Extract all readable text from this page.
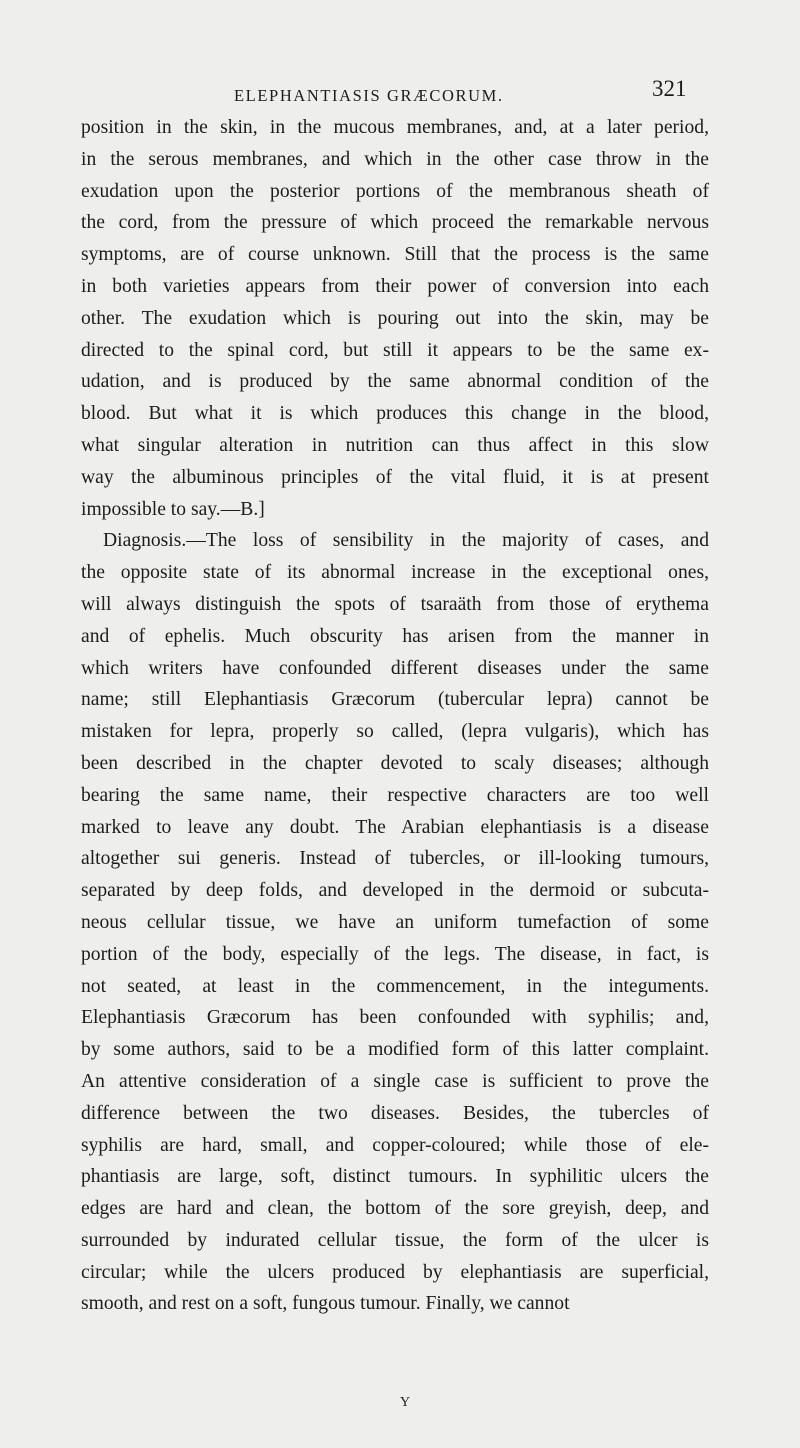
ELEPHANTIASIS GRÆCORUM.	321
position in the skin, in the mucous membranes, and, at a later period,
in the serous membranes, and which in the other case throw in the
exudation upon the posterior portions of the membranous sheath of
the cord, from the pressure of which proceed the remarkable nervous
symptoms, are of course unknown. Still that the process is the same
in both varieties appears from their power of conversion into each
other. The exudation which is pouring out into the skin, may be
directed to the spinal cord, but still it appears to be the same ex-
udation, and is produced by the same abnormal condition of the
blood. But what it is which produces this change in the blood,
what singular alteration in nutrition can thus affect in this slow
way the albuminous principles of the vital fluid, it is at present
impossible to say.—B.]
Diagnosis.—The loss of sensibility in the majority of cases, and
the opposite state of its abnormal increase in the exceptional ones,
will always distinguish the spots of tsaraäth from those of erythema
and of ephelis. Much obscurity has arisen from the manner in
which writers have confounded different diseases under the same
name; still Elephantiasis Græcorum (tubercular lepra) cannot be
mistaken for lepra, properly so called, (lepra vulgaris), which has
been described in the chapter devoted to scaly diseases; although
bearing the same name, their respective characters are too well
marked to leave any doubt. The Arabian elephantiasis is a disease
altogether sui generis. Instead of tubercles, or ill-looking tumours,
separated by deep folds, and developed in the dermoid or subcuta-
neous cellular tissue, we have an uniform tumefaction of some
portion of the body, especially of the legs. The disease, in fact, is
not seated, at least in the commencement, in the integuments.
Elephantiasis Græcorum has been confounded with syphilis; and,
by some authors, said to be a modified form of this latter complaint.
An attentive consideration of a single case is sufficient to prove the
difference between the two diseases. Besides, the tubercles of
syphilis are hard, small, and copper-coloured; while those of ele-
phantiasis are large, soft, distinct tumours. In syphilitic ulcers the
edges are hard and clean, the bottom of the sore greyish, deep, and
surrounded by indurated cellular tissue, the form of the ulcer is
circular; while the ulcers produced by elephantiasis are superficial,
smooth, and rest on a soft, fungous tumour. Finally, we cannot
Y
